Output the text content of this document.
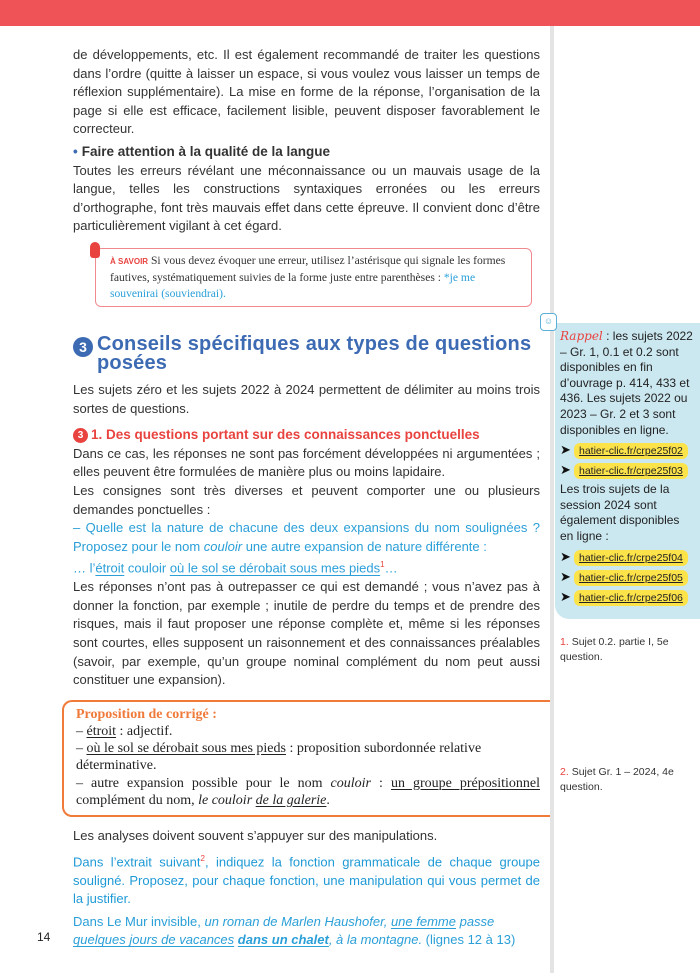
de développements, etc. Il est également recommandé de traiter les questions dans l’ordre (quitte à laisser un espace, si vous voulez vous laisser un temps de réflexion supplémentaire). La mise en forme de la réponse, l’organisation de la page si elle est efficace, facilement lisible, peuvent disposer favorablement le correcteur.
• Faire attention à la qualité de la langue
Toutes les erreurs révélant une méconnaissance ou un mauvais usage de la langue, telles les constructions syntaxiques erronées ou les erreurs d’orthographe, font très mauvais effet dans cette épreuve. Il convient donc d’être particulièrement vigilant à cet égard.
À SAVOIR Si vous devez évoquer une erreur, utilisez l’astérisque qui signale les formes fautives, systématiquement suivies de la forme juste entre parenthèses : *je me souvenirai (souviendrai).
3 Conseils spécifiques aux types de questions posées
Les sujets zéro et les sujets 2022 à 2024 permettent de délimiter au moins trois sortes de questions.
3 1. Des questions portant sur des connaissances ponctuelles
Dans ce cas, les réponses ne sont pas forcément développées ni argumentées ; elles peuvent être formulées de manière plus ou moins lapidaire.
Les consignes sont très diverses et peuvent comporter une ou plusieurs demandes ponctuelles :
– Quelle est la nature de chacune des deux expansions du nom soulignées ? Proposez pour le nom couloir une autre expansion de nature différente :
… l’étroit couloir où le sol se dérobait sous mes pieds$^1$…
Les réponses n’ont pas à outrepasser ce qui est demandé ; vous n’avez pas à donner la fonction, par exemple ; inutile de perdre du temps et de prendre des risques, mais il faut proposer une réponse complète et, même si les réponses sont courtes, elles supposent un raisonnement et des connaissances préalables (savoir, par exemple, qu’un groupe nominal complément du nom peut aussi constituer une expansion).
Proposition de corrigé :
– étroit : adjectif.
– où le sol se dérobait sous mes pieds : proposition subordonnée relative déterminative.
– autre expansion possible pour le nom couloir : un groupe prépositionnel complément du nom, le couloir de la galerie.
Les analyses doivent souvent s’appuyer sur des manipulations.
Dans l’extrait suivant$^2$, indiquez la fonction grammaticale de chaque groupe souligné. Proposez, pour chaque fonction, une manipulation qui vous permet de la justifier.
Dans Le Mur invisible, un roman de Marlen Haushofer, une femme passe quelques jours de vacances dans un chalet, à la montagne. (lignes 12 à 13)
☺
Rappel : les sujets 2022 – Gr. 1, 0.1 et 0.2 sont disponibles en fin d’ouvrage p. 414, 433 et 436. Les sujets 2022 ou 2023 – Gr. 2 et 3 sont disponibles en ligne.
➤ hatier-clic.fr/crpe25f02
➤ hatier-clic.fr/crpe25f03
Les trois sujets de la session 2024 sont également disponibles en ligne :
➤ hatier-clic.fr/crpe25f04
➤ hatier-clic.fr/crpe25f05
➤ hatier-clic.fr/crpe25f06
1. Sujet 0.2. partie I, 5e question.
2. Sujet Gr. 1 – 2024, 4e question.
14
